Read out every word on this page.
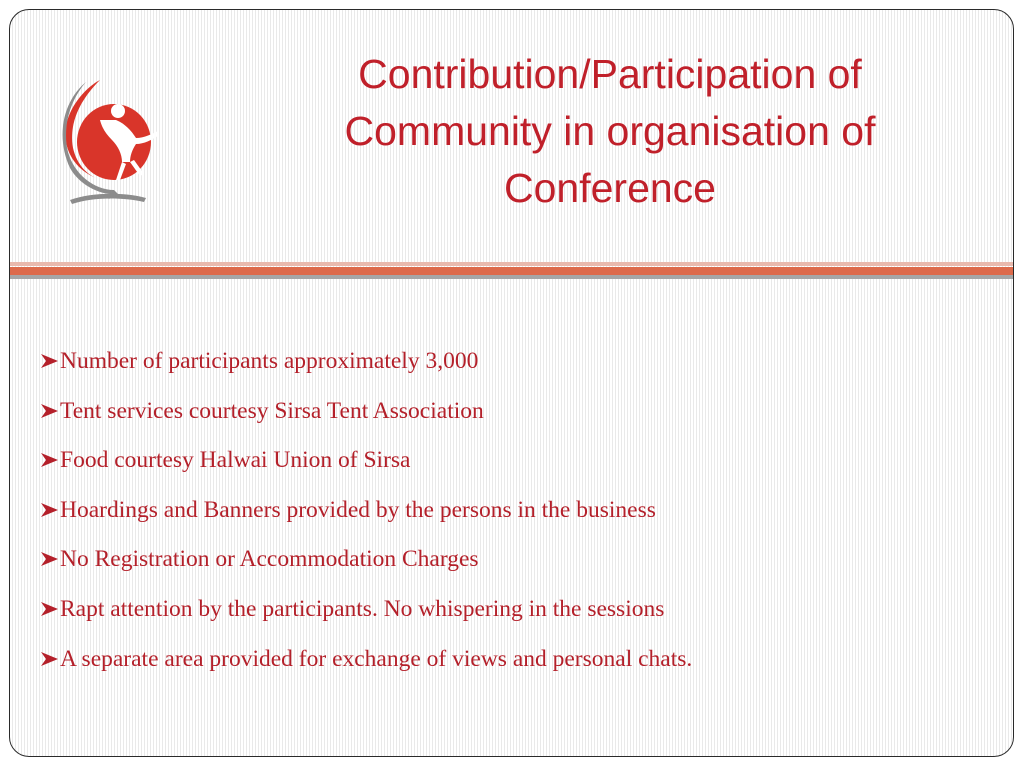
Contribution/Participation of
Community in organisation of
Conference
Number of participants approximately 3,000
Tent services courtesy Sirsa Tent Association
Food courtesy Halwai Union of Sirsa
Hoardings and Banners provided by the persons in the business
No Registration or Accommodation Charges
Rapt attention by the participants. No whispering in the sessions
A separate area provided for exchange of views and personal chats.
